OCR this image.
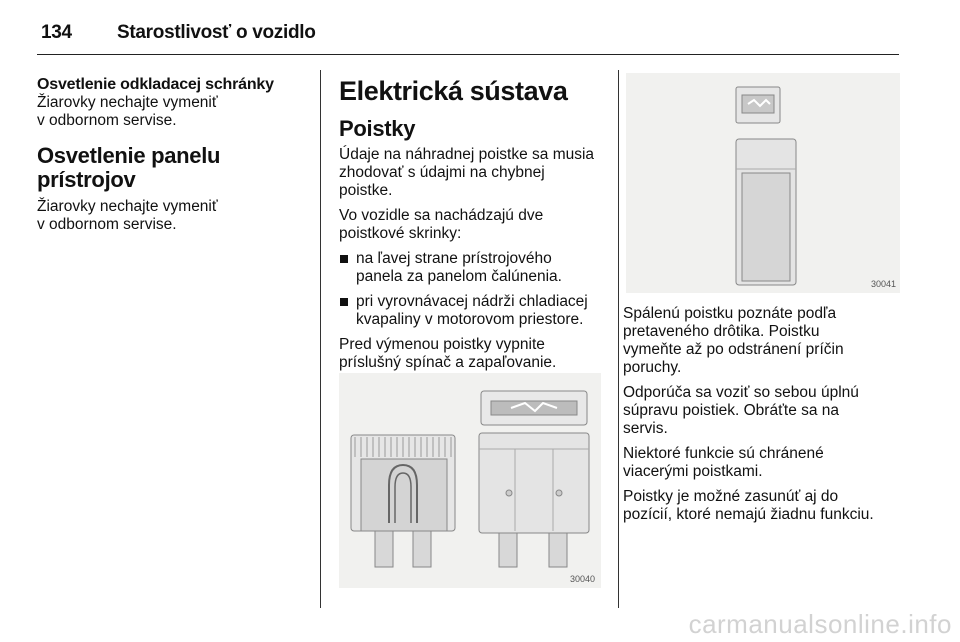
134 Starostlivosť o vozidlo
Osvetlenie odkladacej schránky

Žiarovky nechajte vymeniť

v odbornom servise.

Osvetlenie panelu
prístrojov

Žiarovky nechajte vymeniť

v odbornom servise.

Elektrická sústava
Poistky

Údaje na náhradnej poistke sa musia

zhodovať s údajmi na chybnej

poistke.

Vo vozidle sa nachádzajú dve

poistkové skrinky:

na ľavej strane prístrojového
panela za panelom čalúnenia.
pri vyrovnávacej nádrži chladiacej
kvapaliny v motorovom priestore.

Pred výmenou poistky vypnite

príslušný spínač a zapaľovanie.

30040
30041

Spálenú poistku poznáte podľa

pretaveného drôtika. Poistku

vymeňte až po odstránení príčin

poruchy.

Odporúča sa voziť so sebou úplnú

súpravu poistiek. Obráťte sa na

servis.

Niektoré funkcie sú chránené

viacerými poistkami.

Poistky je možné zasunúť aj do

pozícií, ktoré nemajú žiadnu funkciu.

carmanualsonline.info
